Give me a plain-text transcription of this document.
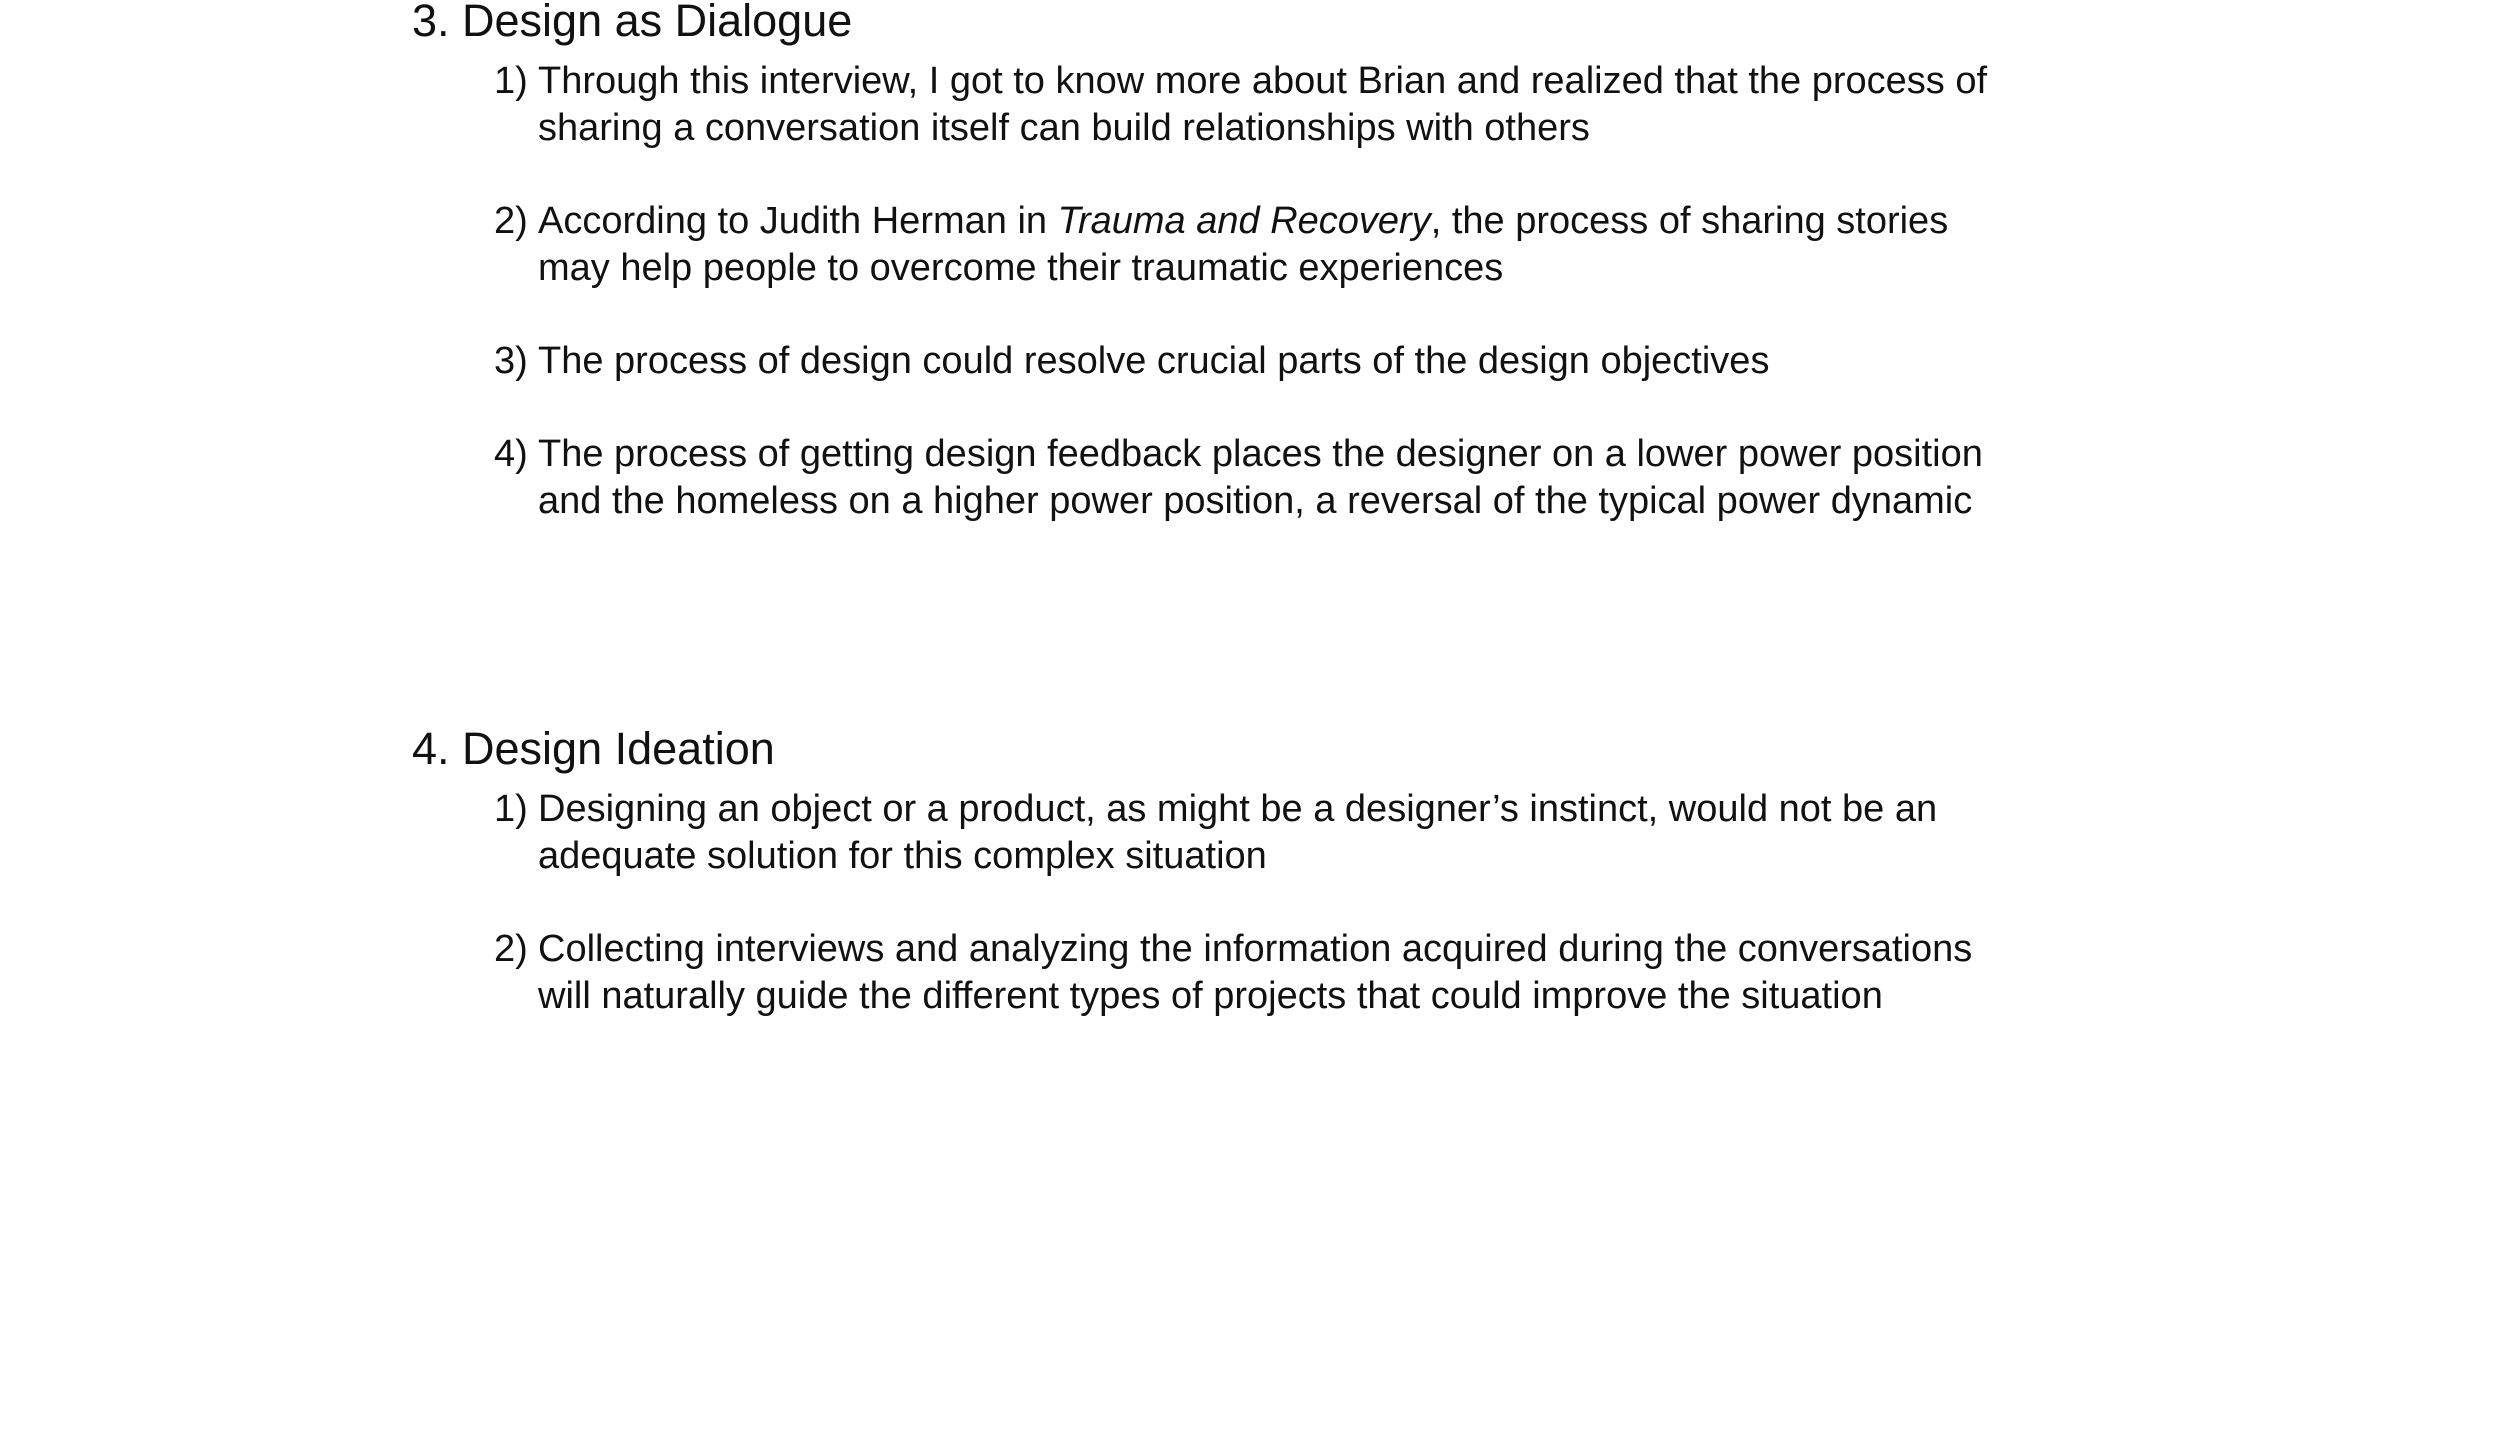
3. Design as Dialogue
1) Through this interview, I got to know more about Brian and realized that the process of
sharing a conversation itself can build relationships with others
2) According to Judith Herman in Trauma and Recovery, the process of sharing stories
may help people to overcome their traumatic experiences
3) The process of design could resolve crucial parts of the design objectives
4) The process of getting design feedback places the designer on a lower power position
and the homeless on a higher power position, a reversal of the typical power dynamic
4. Design Ideation
1) Designing an object or a product, as might be a designer’s instinct, would not be an
adequate solution for this complex situation
2) Collecting interviews and analyzing the information acquired during the conversations
will naturally guide the different types of projects that could improve the situation
